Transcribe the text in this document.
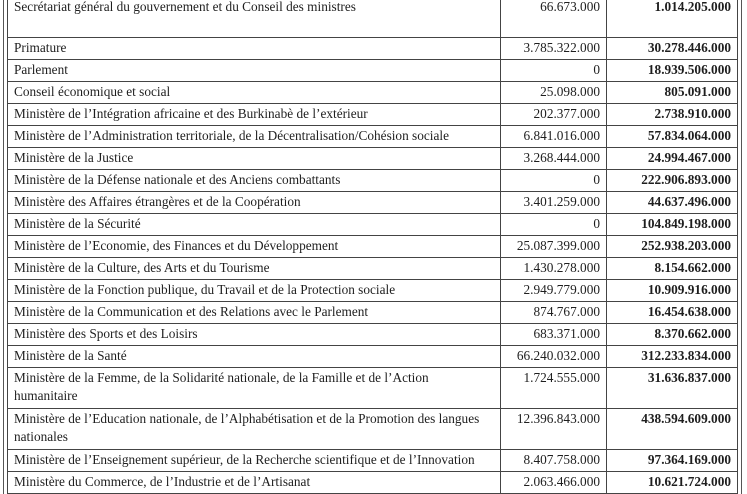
Secrétariat général du gouvernement et du Conseil des ministres	66.673.000	1.014.205.000
Primature	3.785.322.000	30.278.446.000
Parlement	0	18.939.506.000
Conseil économique et social	25.098.000	805.091.000
Ministère de l’Intégration africaine et des Burkinabè de l’extérieur	202.377.000	2.738.910.000
Ministère de l’Administration territoriale, de la Décentralisation/Cohésion sociale	6.841.016.000	57.834.064.000
Ministère de la Justice	3.268.444.000	24.994.467.000
Ministère de la Défense nationale et des Anciens combattants	0	222.906.893.000
Ministère des Affaires étrangères et de la Coopération	3.401.259.000	44.637.496.000
Ministère de la Sécurité	0	104.849.198.000
Ministère de l’Economie, des Finances et du Développement	25.087.399.000	252.938.203.000
Ministère de la Culture, des Arts et du Tourisme	1.430.278.000	8.154.662.000
Ministère de la Fonction publique, du Travail et de la Protection sociale	2.949.779.000	10.909.916.000
Ministère de la Communication et des Relations avec le Parlement	874.767.000	16.454.638.000
Ministère des Sports et des Loisirs	683.371.000	8.370.662.000
Ministère de la Santé	66.240.032.000	312.233.834.000
Ministère de la Femme, de la Solidarité nationale, de la Famille et de l’Action humanitaire	1.724.555.000	31.636.837.000
Ministère de l’Education nationale, de l’Alphabétisation et de la Promotion des langues nationales	12.396.843.000	438.594.609.000
Ministère de l’Enseignement supérieur, de la Recherche scientifique et de l’Innovation	8.407.758.000	97.364.169.000
Ministère du Commerce, de l’Industrie et de l’Artisanat	2.063.466.000	10.621.724.000
